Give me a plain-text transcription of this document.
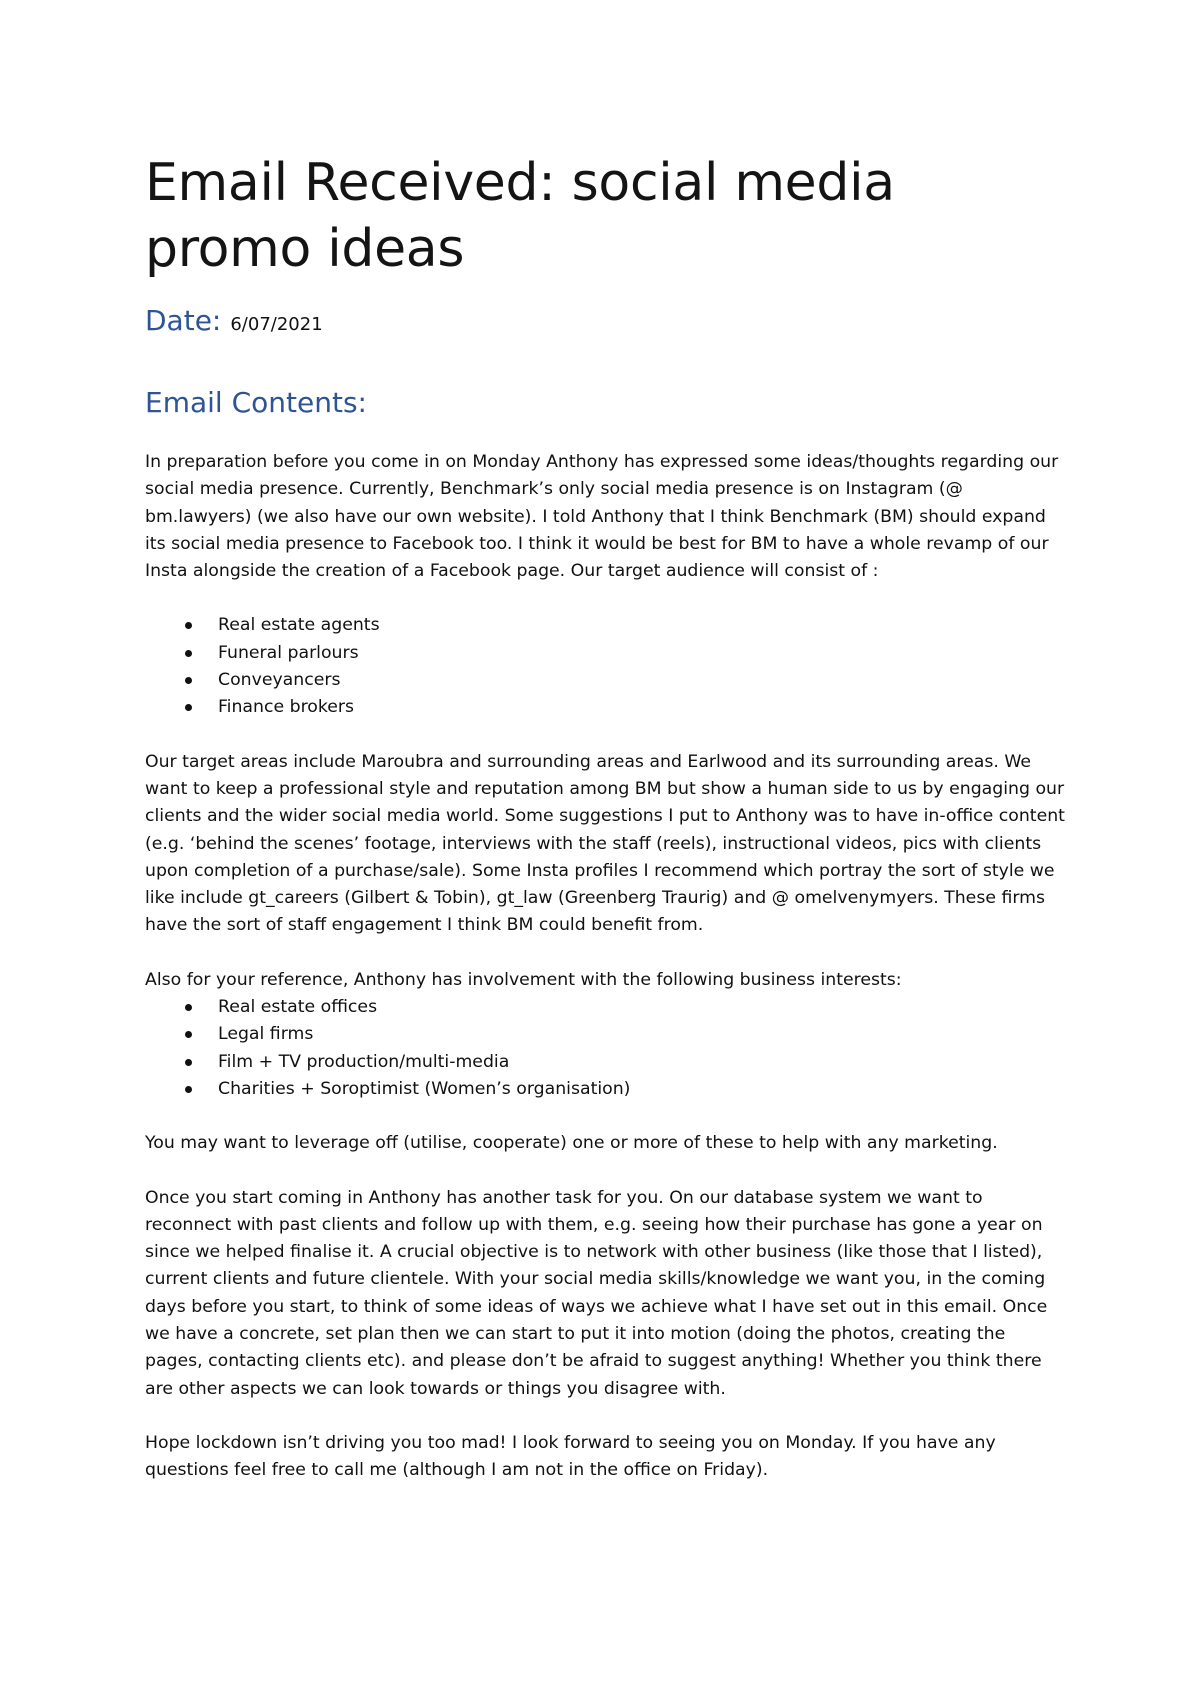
Email Received: social media promo ideas
Date: 6/07/2021
Email Contents:

In preparation before you come in on Monday Anthony has expressed some ideas/thoughts regarding our social media presence. Currently, Benchmark’s only social media presence is on Instagram (@ bm.lawyers) (we also have our own website). I told Anthony that I think Benchmark (BM) should expand its social media presence to Facebook too. I think it would be best for BM to have a whole revamp of our Insta alongside the creation of a Facebook page. Our target audience will consist of :

Real estate agents
Funeral parlours
Conveyancers
Finance brokers

Our target areas include Maroubra and surrounding areas and Earlwood and its surrounding areas. We want to keep a professional style and reputation among BM but show a human side to us by engaging our clients and the wider social media world. Some suggestions I put to Anthony was to have in-office content (e.g. ‘behind the scenes’ footage, interviews with the staff (reels), instructional videos, pics with clients upon completion of a purchase/sale). Some Insta profiles I recommend which portray the sort of style we like include gt_careers (Gilbert & Tobin), gt_law (Greenberg Traurig) and @ omelvenymyers. These firms have the sort of staff engagement I think BM could benefit from.

Also for your reference, Anthony has involvement with the following business interests:

Real estate offices
Legal firms
Film + TV production/multi-media
Charities + Soroptimist (Women’s organisation)

You may want to leverage off (utilise, cooperate) one or more of these to help with any marketing.

Once you start coming in Anthony has another task for you. On our database system we want to reconnect with past clients and follow up with them, e.g. seeing how their purchase has gone a year on since we helped finalise it. A crucial objective is to network with other business (like those that I listed), current clients and future clientele. With your social media skills/knowledge we want you, in the coming days before you start, to think of some ideas of ways we achieve what I have set out in this email. Once we have a concrete, set plan then we can start to put it into motion (doing the photos, creating the pages, contacting clients etc). and please don’t be afraid to suggest anything! Whether you think there are other aspects we can look towards or things you disagree with.

Hope lockdown isn’t driving you too mad! I look forward to seeing you on Monday. If you have any questions feel free to call me (although I am not in the office on Friday).
